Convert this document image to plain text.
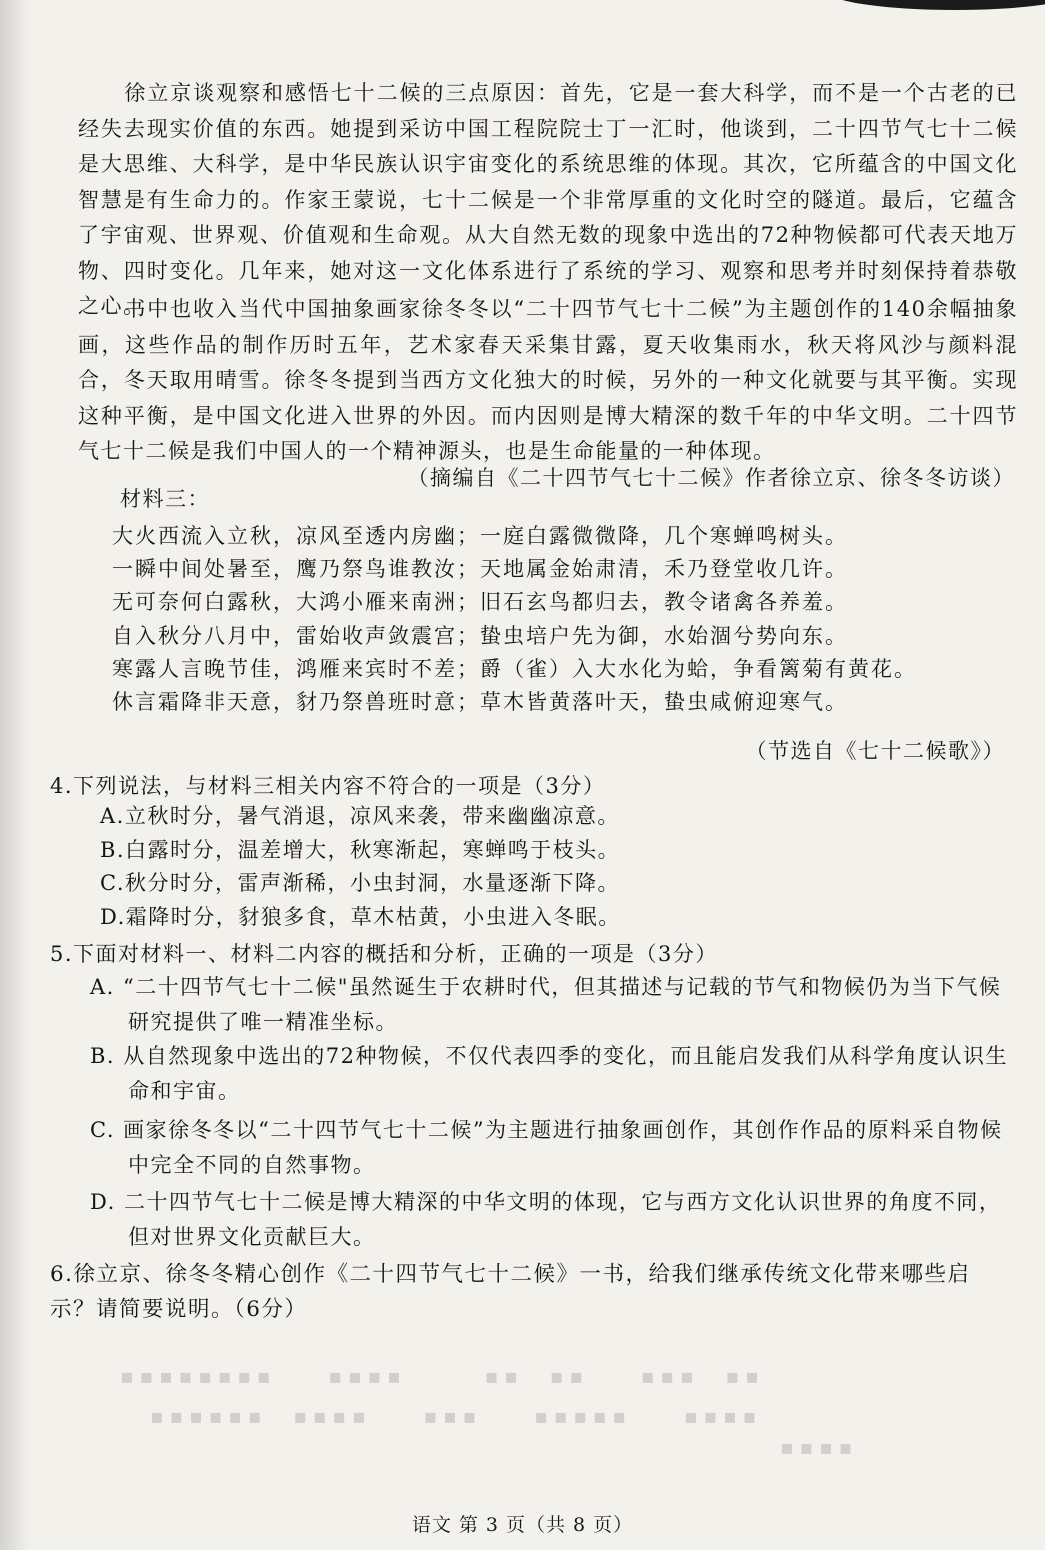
徐立京谈观察和感悟七十二候的三点原因：首先，它是一套大科学，而不是一个古老的已经失去现实价值的东西。她提到采访中国工程院院士丁一汇时，他谈到，二十四节气七十二候是大思维、大科学，是中华民族认识宇宙变化的系统思维的体现。其次，它所蕴含的中国文化智慧是有生命力的。作家王蒙说，七十二候是一个非常厚重的文化时空的隧道。最后，它蕴含了宇宙观、世界观、价值观和生命观。从大自然无数的现象中选出的72种物候都可代表天地万物、四时变化。几年来，她对这一文化体系进行了系统的学习、观察和思考并时刻保持着恭敬之心。

书中也收入当代中国抽象画家徐冬冬以“二十四节气七十二候”为主题创作的140余幅抽象画，这些作品的制作历时五年，艺术家春天采集甘露，夏天收集雨水，秋天将风沙与颜料混合，冬天取用晴雪。徐冬冬提到当西方文化独大的时候，另外的一种文化就要与其平衡。实现这种平衡，是中国文化进入世界的外因。而内因则是博大精深的数千年的中华文明。二十四节气七十二候是我们中国人的一个精神源头，也是生命能量的一种体现。

（摘编自《二十四节气七十二候》作者徐立京、徐冬冬访谈）
材料三：
大火西流入立秋，凉风至透内房幽；一庭白露微微降，几个寒蝉鸣树头。
一瞬中间处暑至，鹰乃祭鸟谁教汝；天地属金始肃清，禾乃登堂收几许。
无可奈何白露秋，大鸿小雁来南洲；旧石玄鸟都归去，教令诸禽各养羞。
自入秋分八月中，雷始收声敛震宫；蛰虫培户先为御，水始涸兮势向东。
寒露人言晚节佳，鸿雁来宾时不差；爵（雀）入大水化为蛤，争看篱菊有黄花。
休言霜降非天意，豺乃祭兽班时意；草木皆黄落叶天，蛰虫咸俯迎寒气。
（节选自《七十二候歌》）

4.下列说法，与材料三相关内容不符合的一项是（3分）

A.立秋时分，暑气消退，凉风来袭，带来幽幽凉意。
B.白露时分，温差增大，秋寒渐起，寒蝉鸣于枝头。
C.秋分时分，雷声渐稀，小虫封洞，水量逐渐下降。
D.霜降时分，豺狼多食，草木枯黄，小虫进入冬眠。

5.下面对材料一、材料二内容的概括和分析，正确的一项是（3分）

A. “二十四节气七十二候"虽然诞生于农耕时代，但其描述与记载的节气和物候仍为当下气候研究提供了唯一精准坐标。

B. 从自然现象中选出的72种物候，不仅代表四季的变化，而且能启发我们从科学角度认识生命和宇宙。

C. 画家徐冬冬以“二十四节气七十二候”为主题进行抽象画创作，其创作作品的原料采自物候中完全不同的自然事物。

D. 二十四节气七十二候是博大精深的中华文明的体现，它与西方文化认识世界的角度不同，但对世界文化贡献巨大。

6.徐立京、徐冬冬精心创作《二十四节气七十二候》一书，给我们继承传统文化带来哪些启示？请简要说明。（6分）

▪▪▪▪▪▪▪▪　　▪▪▪▪　　　▪▪　▪▪　　▪▪▪　▪▪
▪▪▪▪▪▪　▪▪▪▪　　▪▪▪　　▪▪▪▪▪　　▪▪▪▪
▪▪▪▪
语文 第 3 页（共 8 页）
